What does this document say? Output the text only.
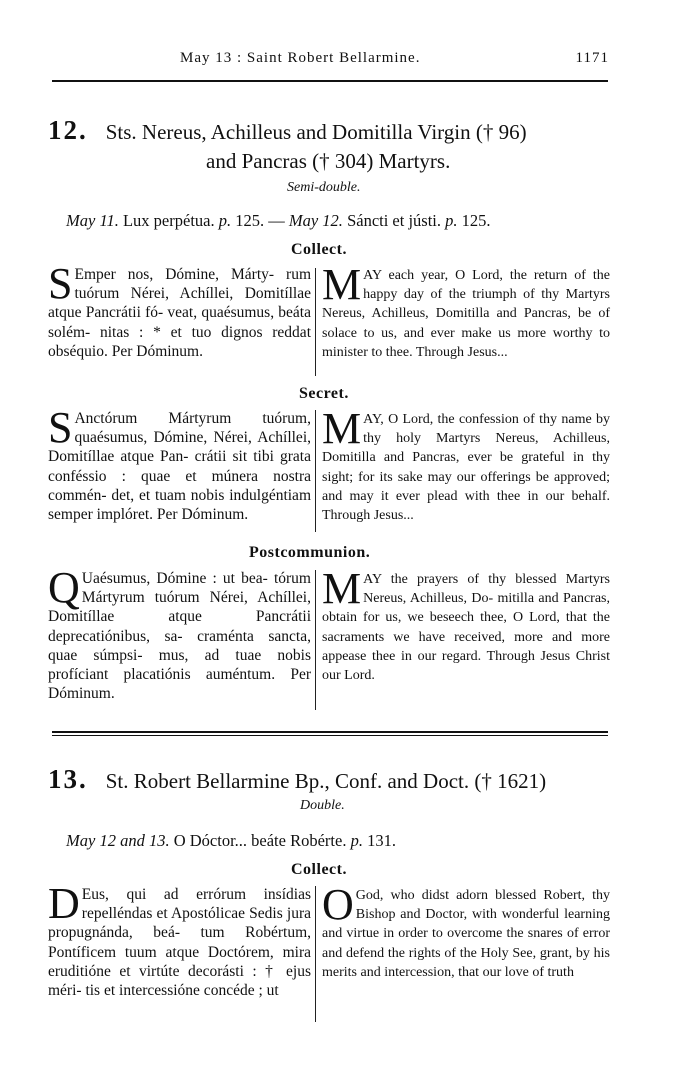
May 13 : Saint Robert Bellarmine.	1171
12. Sts. Nereus, Achilleus and Domitilla Virgin († 96)
and Pancras († 304) Martyrs.
Semi-double.
May 11. Lux perpétua. p. 125. — May 12. Sáncti et jústi. p. 125.
Collect.
S Emper nos, Dómine, Márty- rum tuórum Nérei, Achíllei, Domitíllae atque Pancrátii fó- veat, quaésumus, beáta solém- nitas : * et tuo dignos reddat obséquio. Per Dóminum.
MAY each year, O Lord, the return of the happy day of the triumph of thy Martyrs Nereus, Achilleus, Domitilla and Pancras, be of solace to us, and ever make us more worthy to minister to thee. Through Jesus...
Secret.
S Anctórum Mártyrum tuórum, quaésumus, Dómine, Nérei, Achíllei, Domitíllae atque Pan- crátii sit tibi grata conféssio : quae et múnera nostra commén- det, et tuam nobis indulgéntiam semper implóret. Per Dóminum.
MAY, O Lord, the confession of thy name by thy holy Martyrs Nereus, Achilleus, Domitilla and Pancras, ever be grateful in thy sight; for its sake may our offerings be approved; and may it ever plead with thee in our behalf. Through Jesus...
Postcommunion.
Q Uaésumus, Dómine : ut bea- tórum Mártyrum tuórum Nérei, Achíllei, Domitíllae atque Pancrátii deprecatiónibus, sa- craménta sancta, quae súmpsi- mus, ad tuae nobis profíciant placatiónis auméntum. Per Dóminum.
MAY the prayers of thy blessed Martyrs Nereus, Achilleus, Do- mitilla and Pancras, obtain for us, we beseech thee, O Lord, that the sacraments we have received, more and more appease thee in our regard. Through Jesus Christ our Lord.
13. St. Robert Bellarmine Bp., Conf. and Doct. († 1621)
Double.
May 12 and 13. O Dóctor... beáte Robérte. p. 131.
Collect.
D Eus, qui ad errórum insídias repelléndas et Apostólicae Sedis jura propugnánda, beá- tum Robértum, Pontíficem tuum atque Doctórem, mira eruditióne et virtúte decorásti : † ejus méri- tis et intercessióne concéde ; ut
O God, who didst adorn blessed Robert, thy Bishop and Doctor, with wonderful learning and virtue in order to overcome the snares of error and defend the rights of the Holy See, grant, by his merits and intercession, that our love of truth
